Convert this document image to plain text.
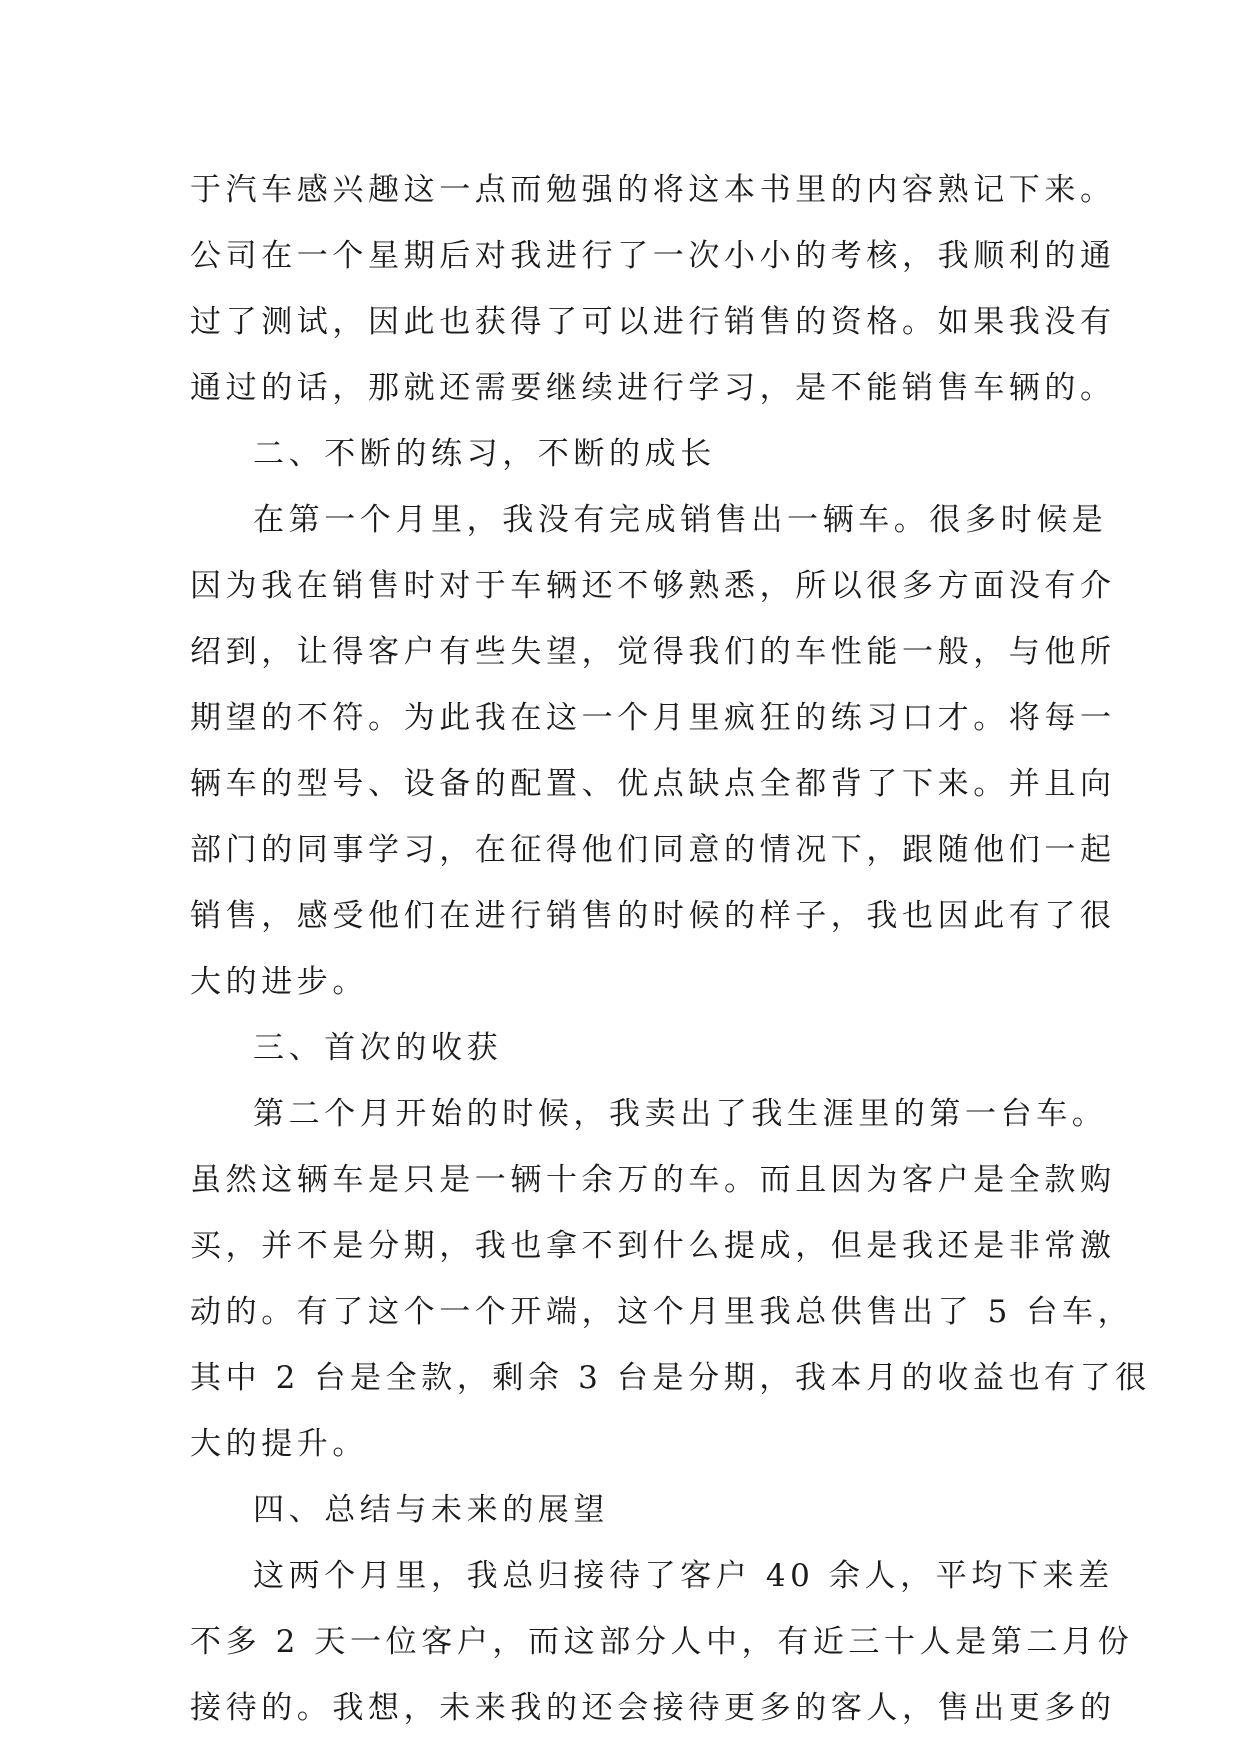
于汽车感兴趣这一点而勉强的将这本书里的内容熟记下来。
公司在一个星期后对我进行了一次小小的考核，我顺利的通
过了测试，因此也获得了可以进行销售的资格。如果我没有
通过的话，那就还需要继续进行学习，是不能销售车辆的。
二、不断的练习，不断的成长
在第一个月里，我没有完成销售出一辆车。很多时候是
因为我在销售时对于车辆还不够熟悉，所以很多方面没有介
绍到，让得客户有些失望，觉得我们的车性能一般，与他所
期望的不符。为此我在这一个月里疯狂的练习口才。将每一
辆车的型号、设备的配置、优点缺点全都背了下来。并且向
部门的同事学习，在征得他们同意的情况下，跟随他们一起
销售，感受他们在进行销售的时候的样子，我也因此有了很
大的进步。
三、首次的收获
第二个月开始的时候，我卖出了我生涯里的第一台车。
虽然这辆车是只是一辆十余万的车。而且因为客户是全款购
买，并不是分期，我也拿不到什么提成，但是我还是非常激
动的。有了这个一个开端，这个月里我总供售出了 5 台车，
其中 2 台是全款，剩余 3 台是分期，我本月的收益也有了很
大的提升。
四、总结与未来的展望
这两个月里，我总归接待了客户 40 余人，平均下来差
不多 2 天一位客户，而这部分人中，有近三十人是第二月份
接待的。我想，未来我的还会接待更多的客人，售出更多的
